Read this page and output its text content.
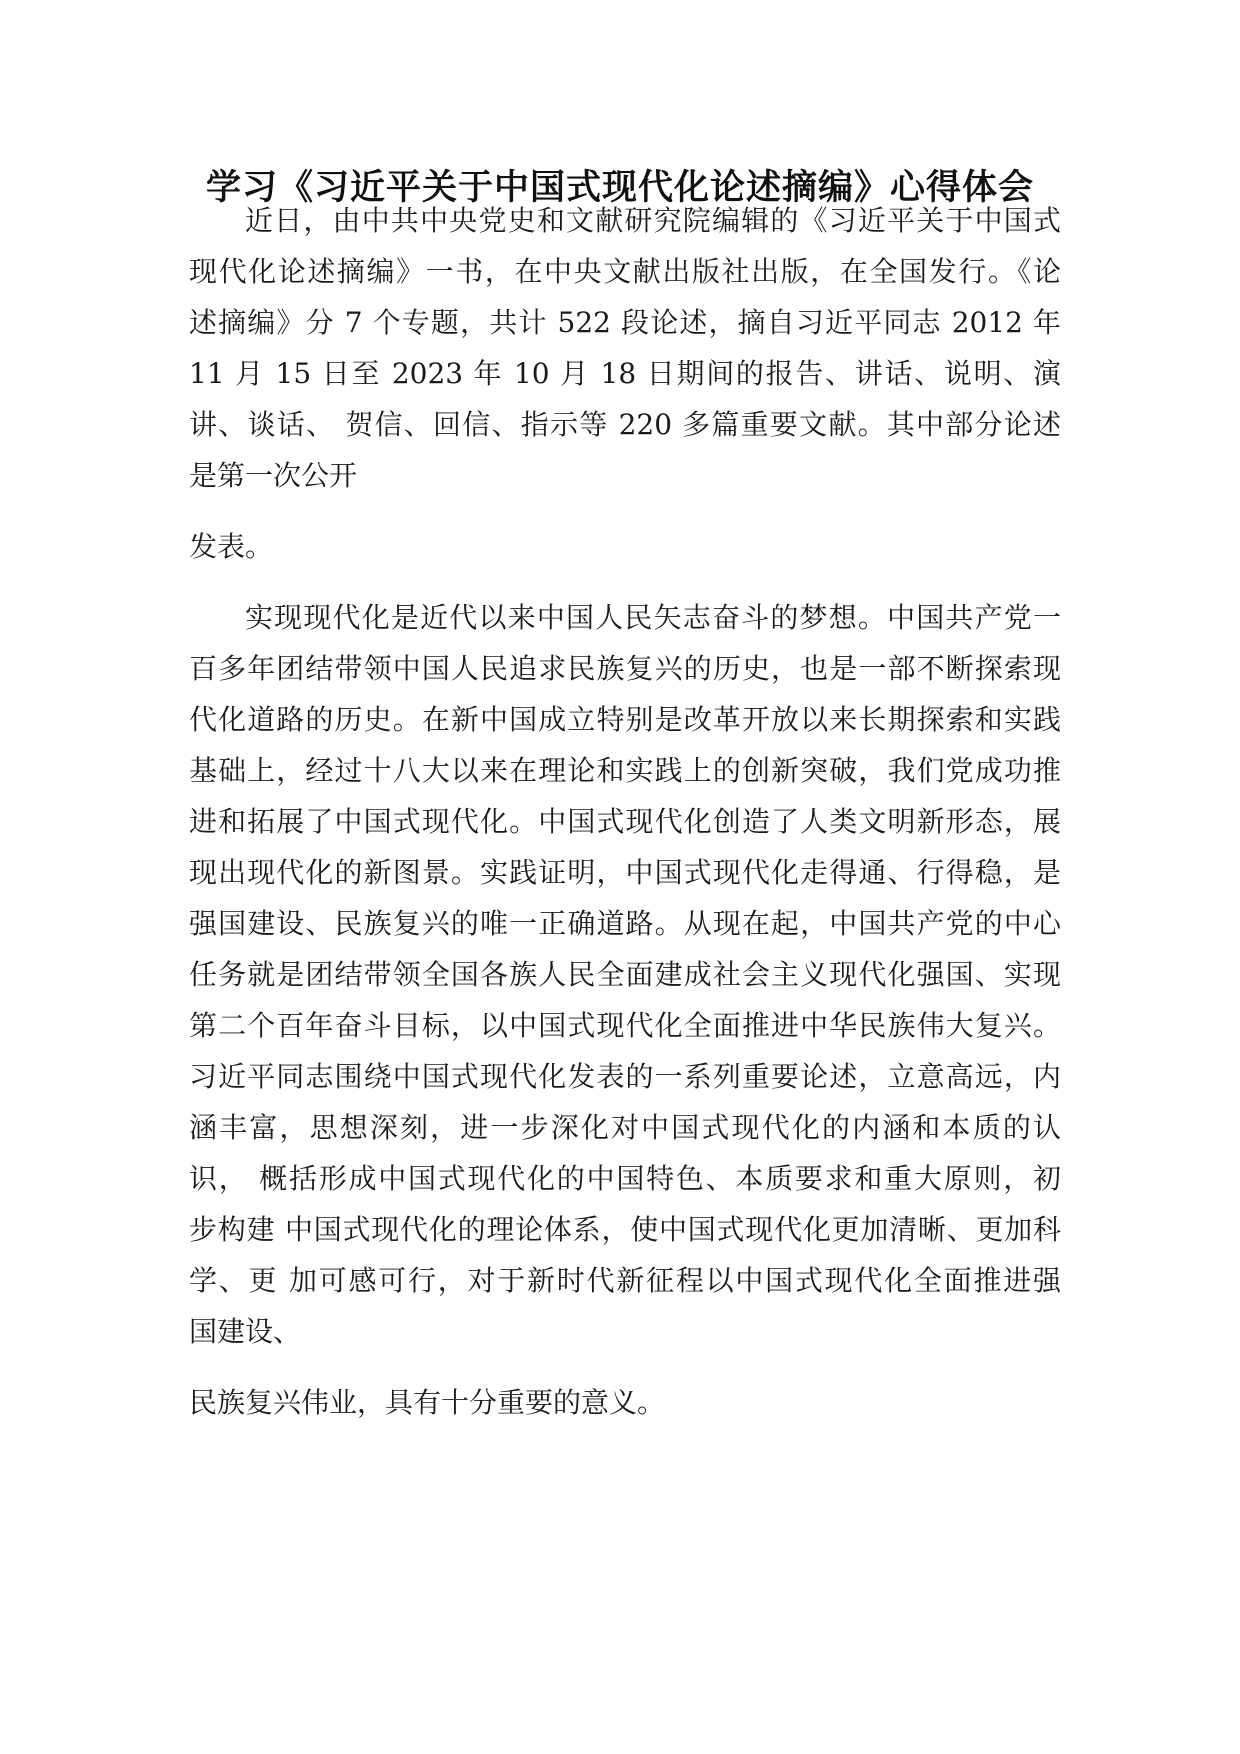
学习《习近平关于中国式现代化论述摘编》心得体会

近日，由中共中央党史和文献研究院编辑的《习近平关于中国式

现代化论述摘编》一书，在中央文献出版社出版，在全国发行。《论

述摘编》分 7 个专题，共计 522 段论述，摘自习近平同志 2012 年

11 月 15 日至 2023 年 10 月 18 日期间的报告、讲话、说明、演

讲、谈话、 贺信、回信、指示等 220 多篇重要文献。其中部分论述

是第一次公开

发表。

实现现代化是近代以来中国人民矢志奋斗的梦想。中国共产党一

百多年团结带领中国人民追求民族复兴的历史，也是一部不断探索现

代化道路的历史。在新中国成立特别是改革开放以来长期探索和实践

基础上，经过十八大以来在理论和实践上的创新突破，我们党成功推

进和拓展了中国式现代化。中国式现代化创造了人类文明新形态，展

现出现代化的新图景。实践证明，中国式现代化走得通、行得稳，是

强国建设、民族复兴的唯一正确道路。从现在起，中国共产党的中心

任务就是团结带领全国各族人民全面建成社会主义现代化强国、实现

第二个百年奋斗目标，以中国式现代化全面推进中华民族伟大复兴。

习近平同志围绕中国式现代化发表的一系列重要论述，立意高远，内

涵丰富，思想深刻，进一步深化对中国式现代化的内涵和本质的认

识， 概括形成中国式现代化的中国特色、本质要求和重大原则，初

步构建 中国式现代化的理论体系，使中国式现代化更加清晰、更加科

学、更 加可感可行，对于新时代新征程以中国式现代化全面推进强

国建设、

民族复兴伟业，具有十分重要的意义。
